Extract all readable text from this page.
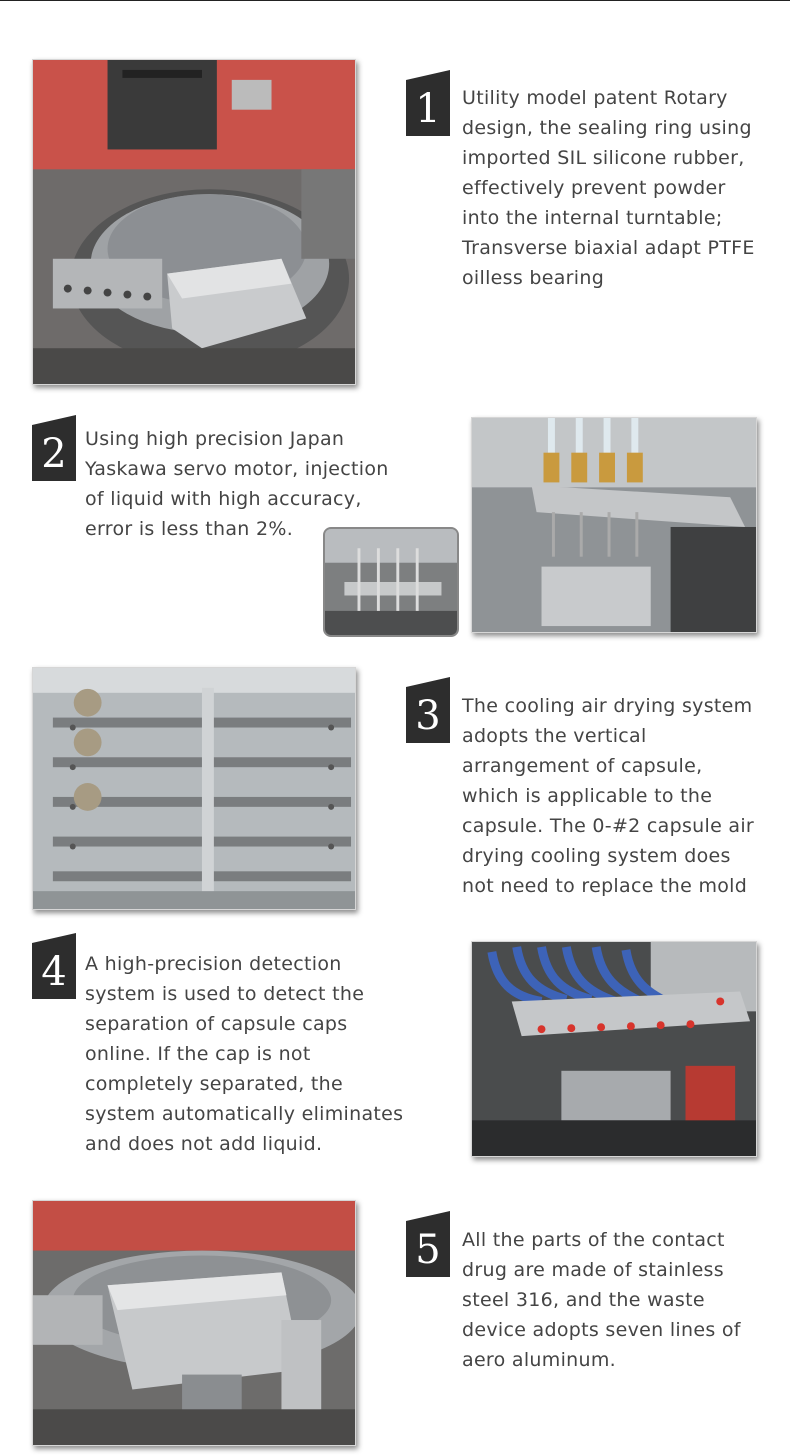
1	Utility model patent Rotary design, the sealing ring using imported SIL silicone rubber, effectively prevent powder into the internal turntable; Transverse biaxial adapt PTFE oilless bearing
2 Using high precision Japan Yaskawa servo motor, injection of liquid with high accuracy, error is less than 2%.
3	The cooling air drying system adopts the vertical arrangement of capsule, which is applicable to the capsule. The 0-#2 capsule air drying cooling system does not need to replace the mold
4 A high-precision detection system is used to detect the separation of capsule caps online. If the cap is not completely separated, the system automatically eliminates and does not add liquid.
5	All the parts of the contact drug are made of stainless steel 316, and the waste device adopts seven lines of aero aluminum.
